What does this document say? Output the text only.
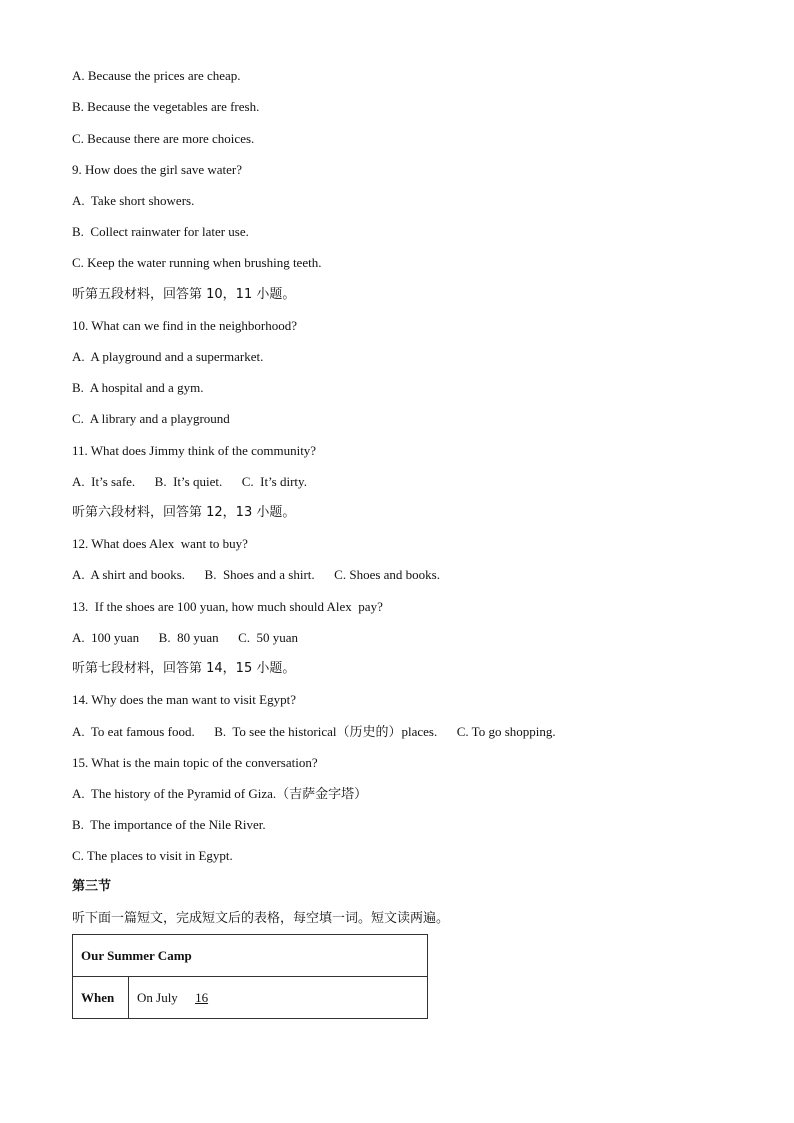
A. Because the prices are cheap.
B. Because the vegetables are fresh.
C. Because there are more choices.
9. How does the girl save water?
A.  Take short showers.
B.  Collect rainwater for later use.
C. Keep the water running when brushing teeth.
听第五段材料，回答第 10，11 小题。
10. What can we find in the neighborhood?
A.  A playground and a supermarket.
B.  A hospital and a gym.
C.  A library and a playground
11. What does Jimmy think of the community?
A.  It’s safe.      B.  It’s quiet.      C.  It’s dirty.
听第六段材料，回答第 12，13 小题。
12. What does Alex  want to buy?
A.  A shirt and books.      B.  Shoes and a shirt.      C. Shoes and books.
13.  If the shoes are 100 yuan, how much should Alex  pay?
A.  100 yuan      B.  80 yuan      C.  50 yuan
听第七段材料，回答第 14，15 小题。
14. Why does the man want to visit Egypt?
A.  To eat famous food.      B.  To see the historical（历史的）places.      C. To go shopping.
15. What is the main topic of the conversation?
A.  The history of the Pyramid of Giza.（吉萨金字塔）
B.  The importance of the Nile River.
C. The places to visit in Egypt.
第三节
听下面一篇短文，完成短文后的表格，每空填一词。短文读两遍。
Our Summer Camp
When	On July 16
